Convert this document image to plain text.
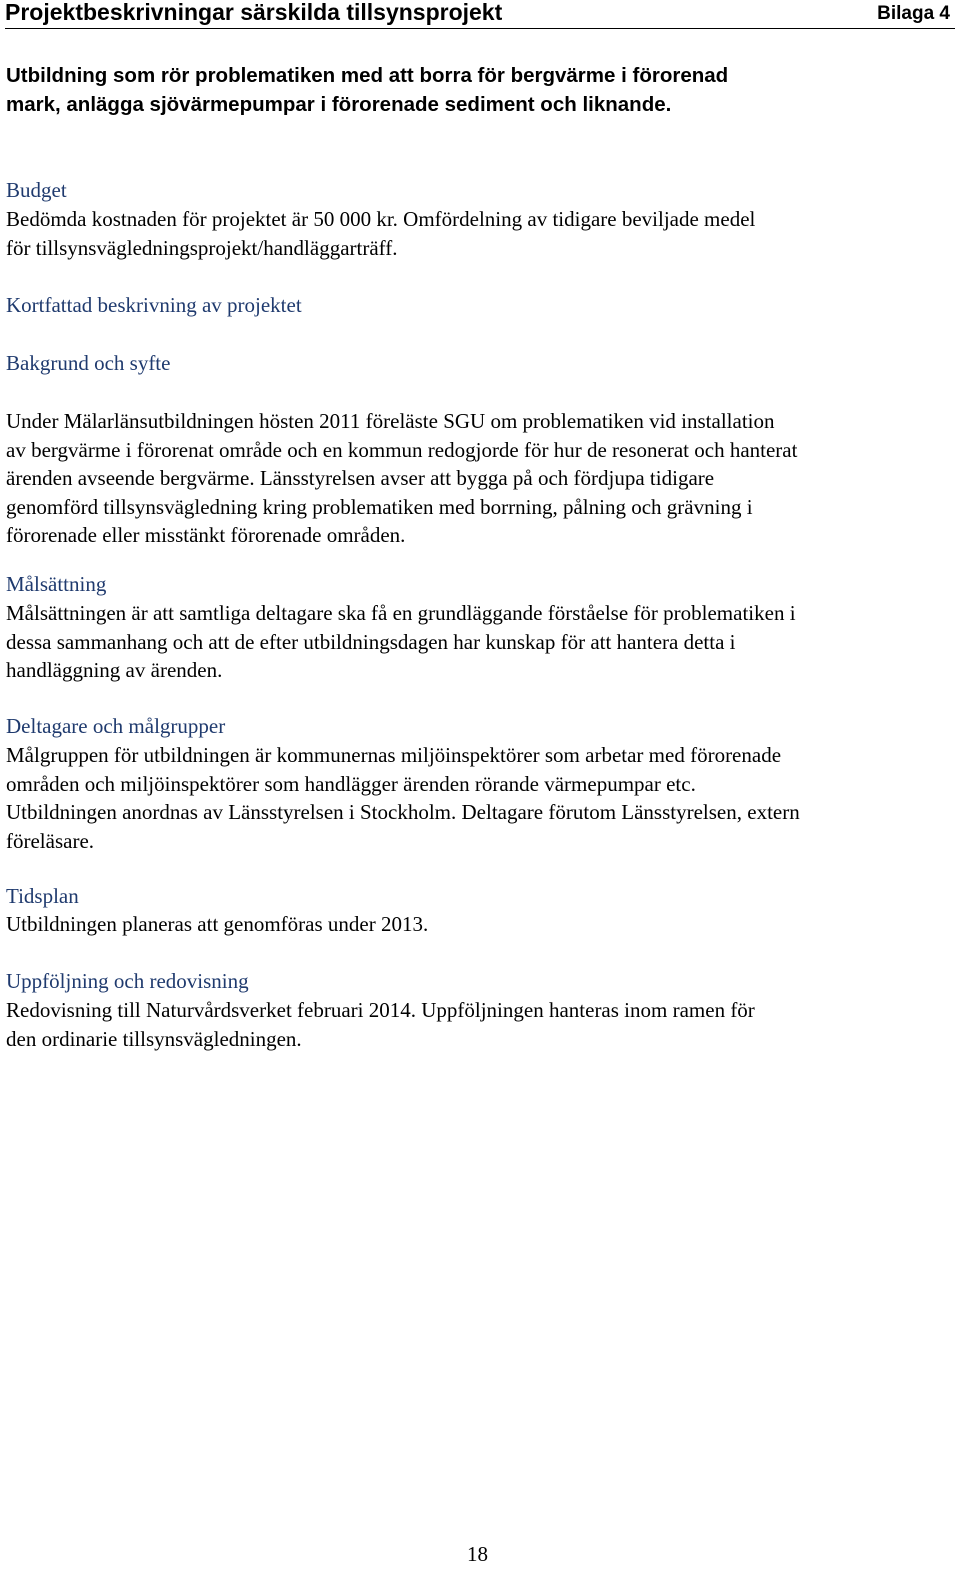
Projektbeskrivningar särskilda tillsynsprojekt	Bilaga 4
Utbildning som rör problematiken med att borra för bergvärme i förorenad
mark, anlägga sjövärmepumpar i förorenade sediment och liknande.
Budget

Bedömda kostnaden för projektet är 50 000 kr. Omfördelning av tidigare beviljade medel
för tillsynsvägledningsprojekt/handläggarträff.

Kortfattad beskrivning av projektet
Bakgrund och syfte

Under Mälarlänsutbildningen hösten 2011 föreläste SGU om problematiken vid installation
av bergvärme i förorenat område och en kommun redogjorde för hur de resonerat och hanterat
ärenden avseende bergvärme. Länsstyrelsen avser att bygga på och fördjupa tidigare
genomförd tillsynsvägledning kring problematiken med borrning, pålning och grävning i
förorenade eller misstänkt förorenade områden.

Målsättning

Målsättningen är att samtliga deltagare ska få en grundläggande förståelse för problematiken i
dessa sammanhang och att de efter utbildningsdagen har kunskap för att hantera detta i
handläggning av ärenden.

Deltagare och målgrupper

Målgruppen för utbildningen är kommunernas miljöinspektörer som arbetar med förorenade
områden och miljöinspektörer som handlägger ärenden rörande värmepumpar etc.
Utbildningen anordnas av Länsstyrelsen i Stockholm. Deltagare förutom Länsstyrelsen, extern
föreläsare.

Tidsplan

Utbildningen planeras att genomföras under 2013.

Uppföljning och redovisning

Redovisning till Naturvårdsverket februari 2014. Uppföljningen hanteras inom ramen för
den ordinarie tillsynsvägledningen.

18
